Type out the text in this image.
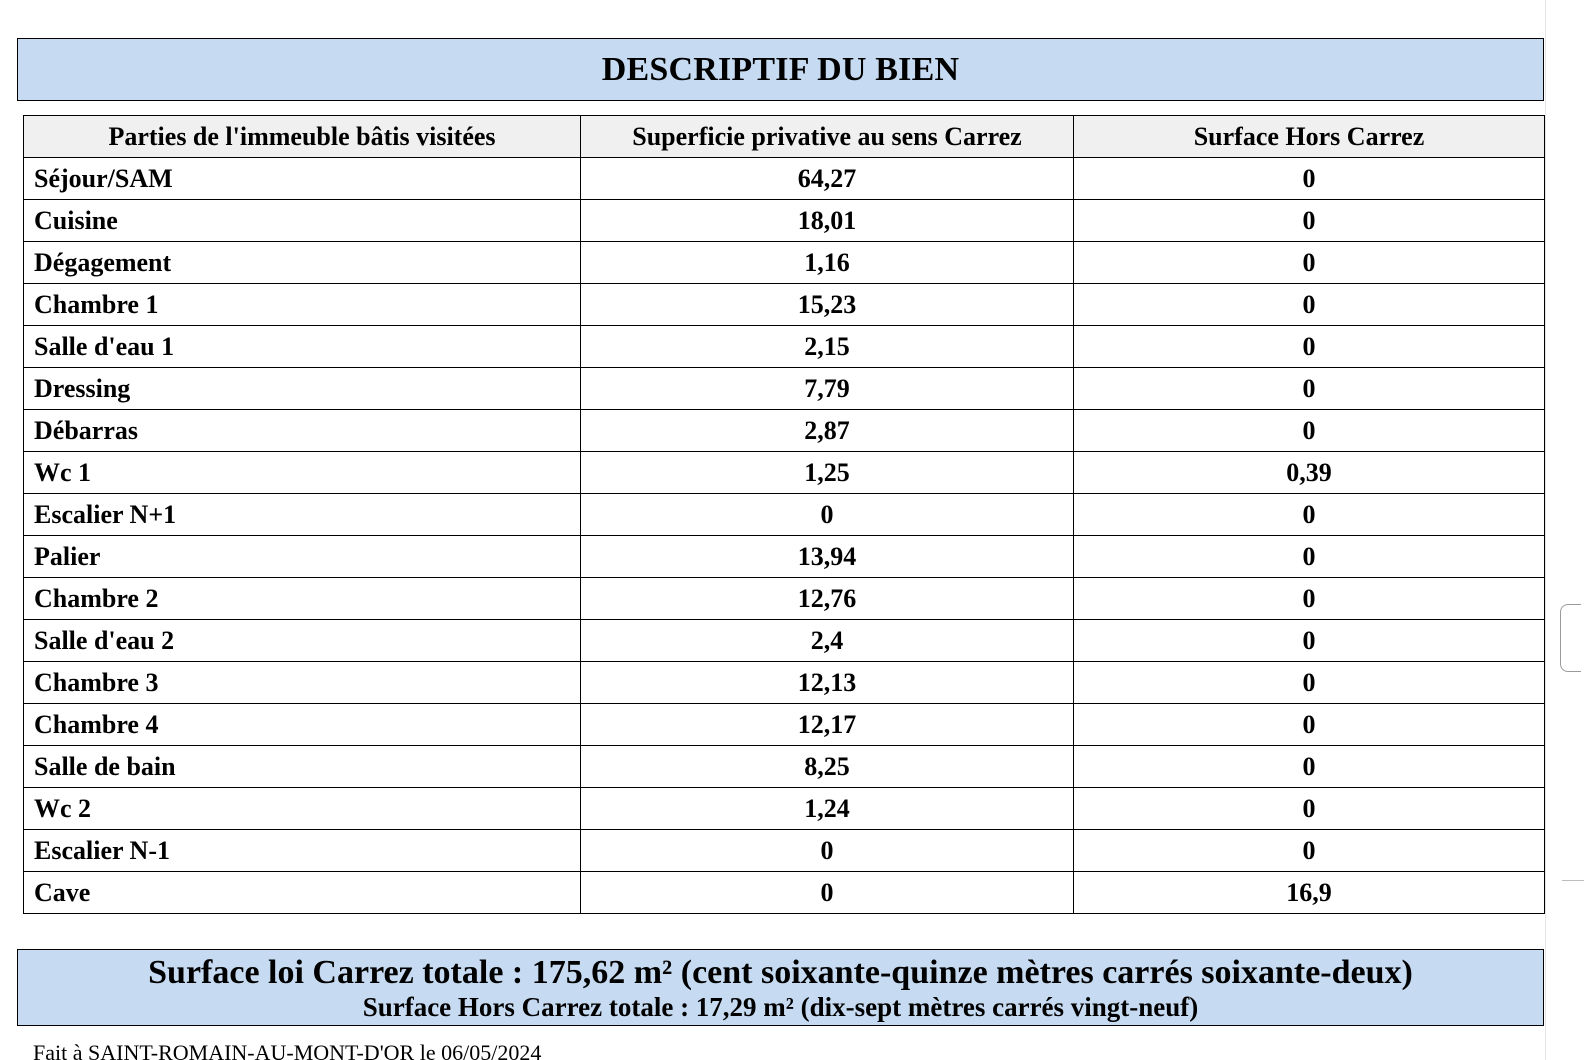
DESCRIPTIF DU BIEN
Parties de l'immeuble bâtis visitées	Superficie privative au sens Carrez	Surface Hors Carrez
Séjour/SAM	64,27	0
Cuisine	18,01	0
Dégagement	1,16	0
Chambre 1	15,23	0
Salle d'eau 1	2,15	0
Dressing	7,79	0
Débarras	2,87	0
Wc 1	1,25	0,39
Escalier N+1	0	0
Palier	13,94	0
Chambre 2	12,76	0
Salle d'eau 2	2,4	0
Chambre 3	12,13	0
Chambre 4	12,17	0
Salle de bain	8,25	0
Wc 2	1,24	0
Escalier N-1	0	0
Cave	0	16,9
Surface loi Carrez totale : 175,62 m² (cent soixante-quinze mètres carrés soixante-deux)
Surface Hors Carrez totale : 17,29 m² (dix-sept mètres carrés vingt-neuf)
Fait à SAINT-ROMAIN-AU-MONT-D'OR le 06/05/2024
